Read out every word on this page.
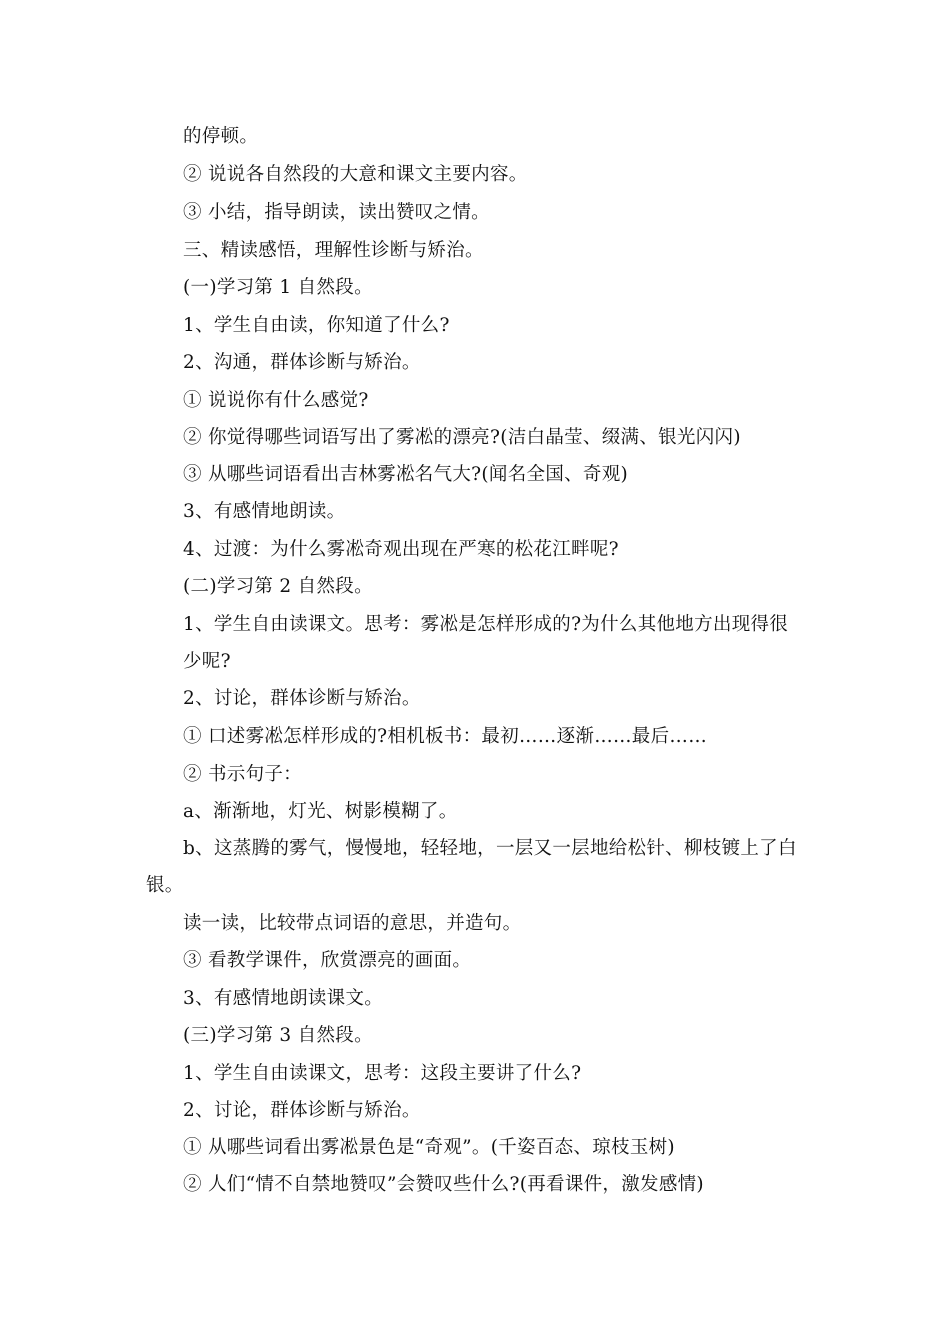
的停顿。
② 说说各自然段的大意和课文主要内容。
③ 小结，指导朗读，读出赞叹之情。
三、精读感悟，理解性诊断与矫治。
(一)学习第 1 自然段。
1、学生自由读，你知道了什么?
2、沟通，群体诊断与矫治。
① 说说你有什么感觉?
② 你觉得哪些词语写出了雾凇的漂亮?(洁白晶莹、缀满、银光闪闪)
③ 从哪些词语看出吉林雾凇名气大?(闻名全国、奇观)
3、有感情地朗读。
4、过渡：为什么雾凇奇观出现在严寒的松花江畔呢?
(二)学习第 2 自然段。
1、学生自由读课文。思考：雾凇是怎样形成的?为什么其他地方出现得很
少呢?
2、讨论，群体诊断与矫治。
① 口述雾凇怎样形成的?相机板书：最初……逐渐……最后……
② 书示句子：
a、渐渐地，灯光、树影模糊了。
b、这蒸腾的雾气，慢慢地，轻轻地，一层又一层地给松针、柳枝镀上了白
银。
读一读，比较带点词语的意思，并造句。
③ 看教学课件，欣赏漂亮的画面。
3、有感情地朗读课文。
(三)学习第 3 自然段。
1、学生自由读课文，思考：这段主要讲了什么?
2、讨论，群体诊断与矫治。
① 从哪些词看出雾凇景色是“奇观”。(千姿百态、琼枝玉树)
② 人们“情不自禁地赞叹”会赞叹些什么?(再看课件，激发感情)
